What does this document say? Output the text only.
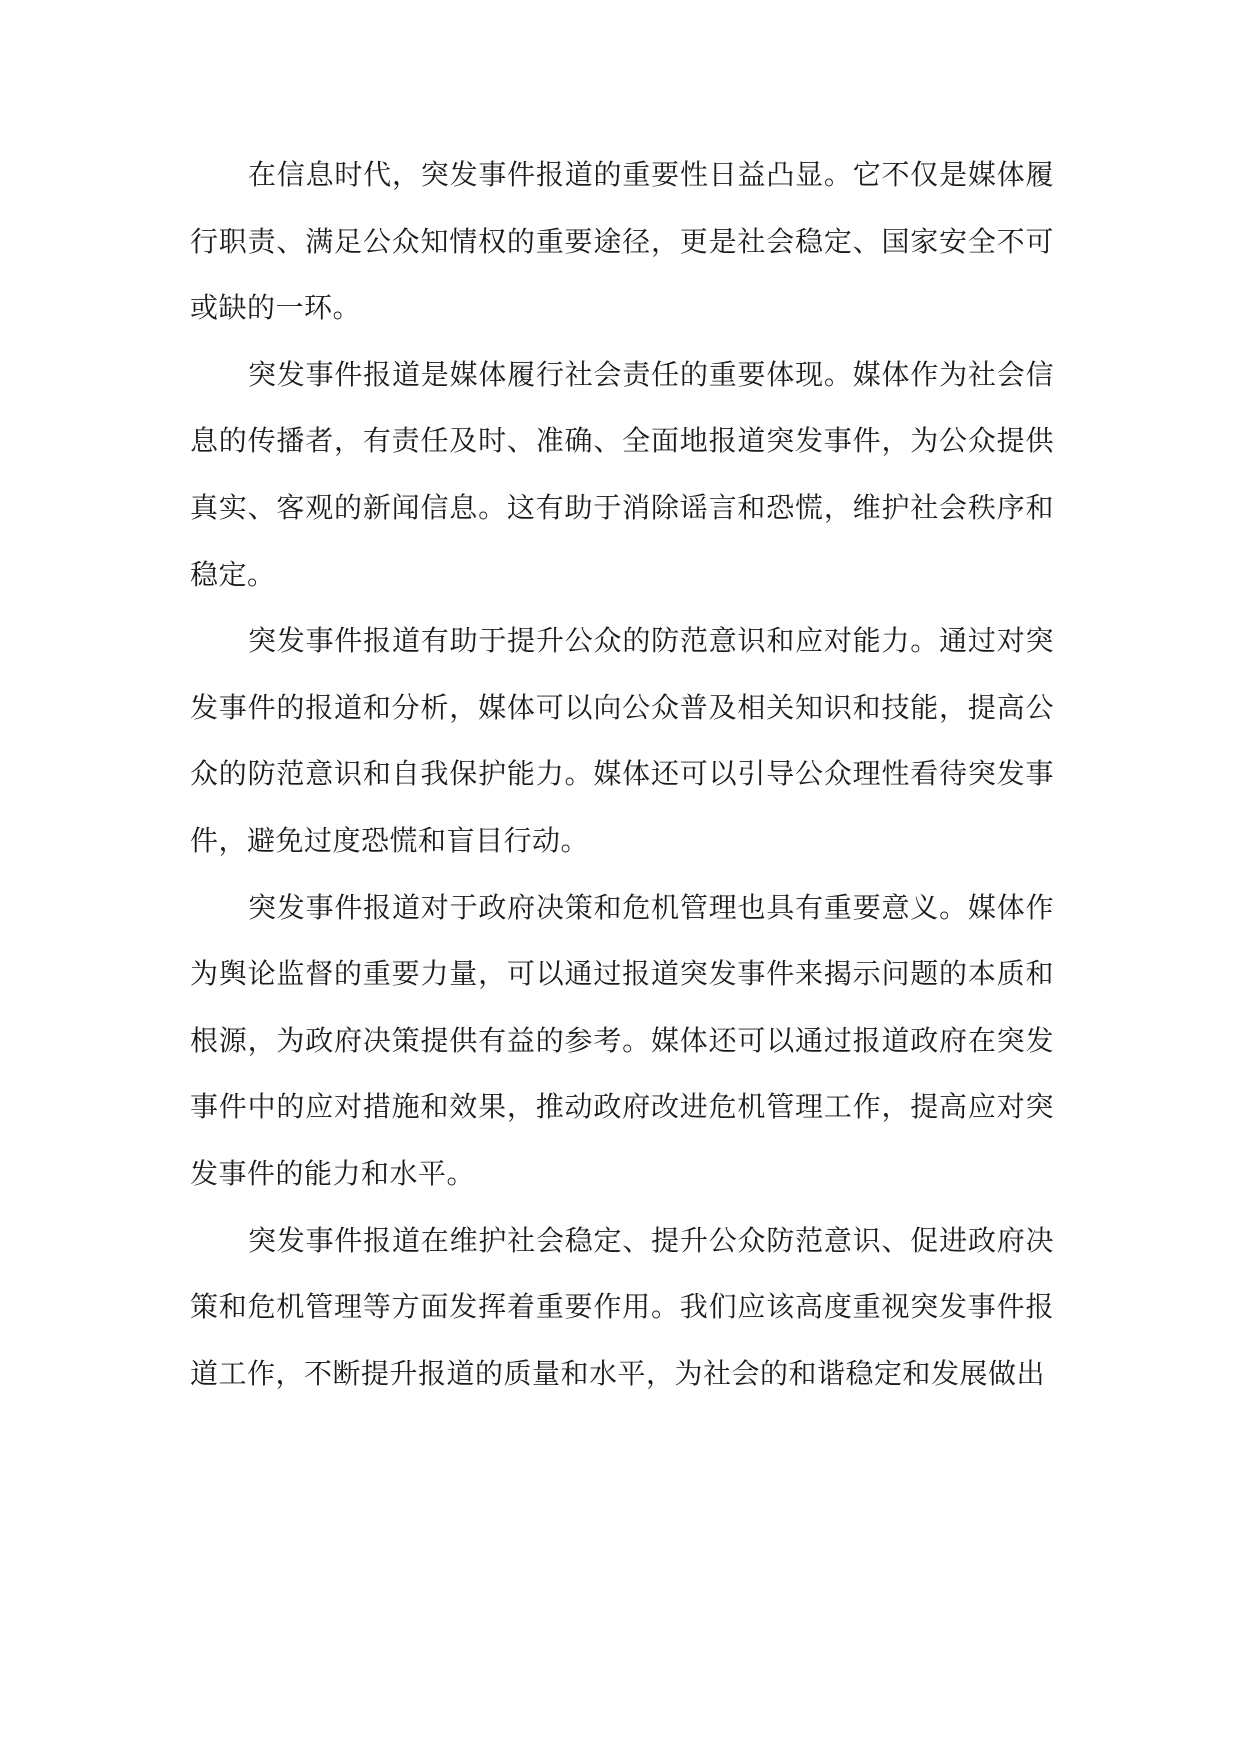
在信息时代，突发事件报道的重要性日益凸显。它不仅是媒体履行职责、满足公众知情权的重要途径，更是社会稳定、国家安全不可或缺的一环。

突发事件报道是媒体履行社会责任的重要体现。媒体作为社会信息的传播者，有责任及时、准确、全面地报道突发事件，为公众提供真实、客观的新闻信息。这有助于消除谣言和恐慌，维护社会秩序和稳定。

突发事件报道有助于提升公众的防范意识和应对能力。通过对突发事件的报道和分析，媒体可以向公众普及相关知识和技能，提高公众的防范意识和自我保护能力。媒体还可以引导公众理性看待突发事件，避免过度恐慌和盲目行动。

突发事件报道对于政府决策和危机管理也具有重要意义。媒体作为舆论监督的重要力量，可以通过报道突发事件来揭示问题的本质和根源，为政府决策提供有益的参考。媒体还可以通过报道政府在突发事件中的应对措施和效果，推动政府改进危机管理工作，提高应对突发事件的能力和水平。

突发事件报道在维护社会稳定、提升公众防范意识、促进政府决策和危机管理等方面发挥着重要作用。我们应该高度重视突发事件报道工作，不断提升报道的质量和水平，为社会的和谐稳定和发展做出
